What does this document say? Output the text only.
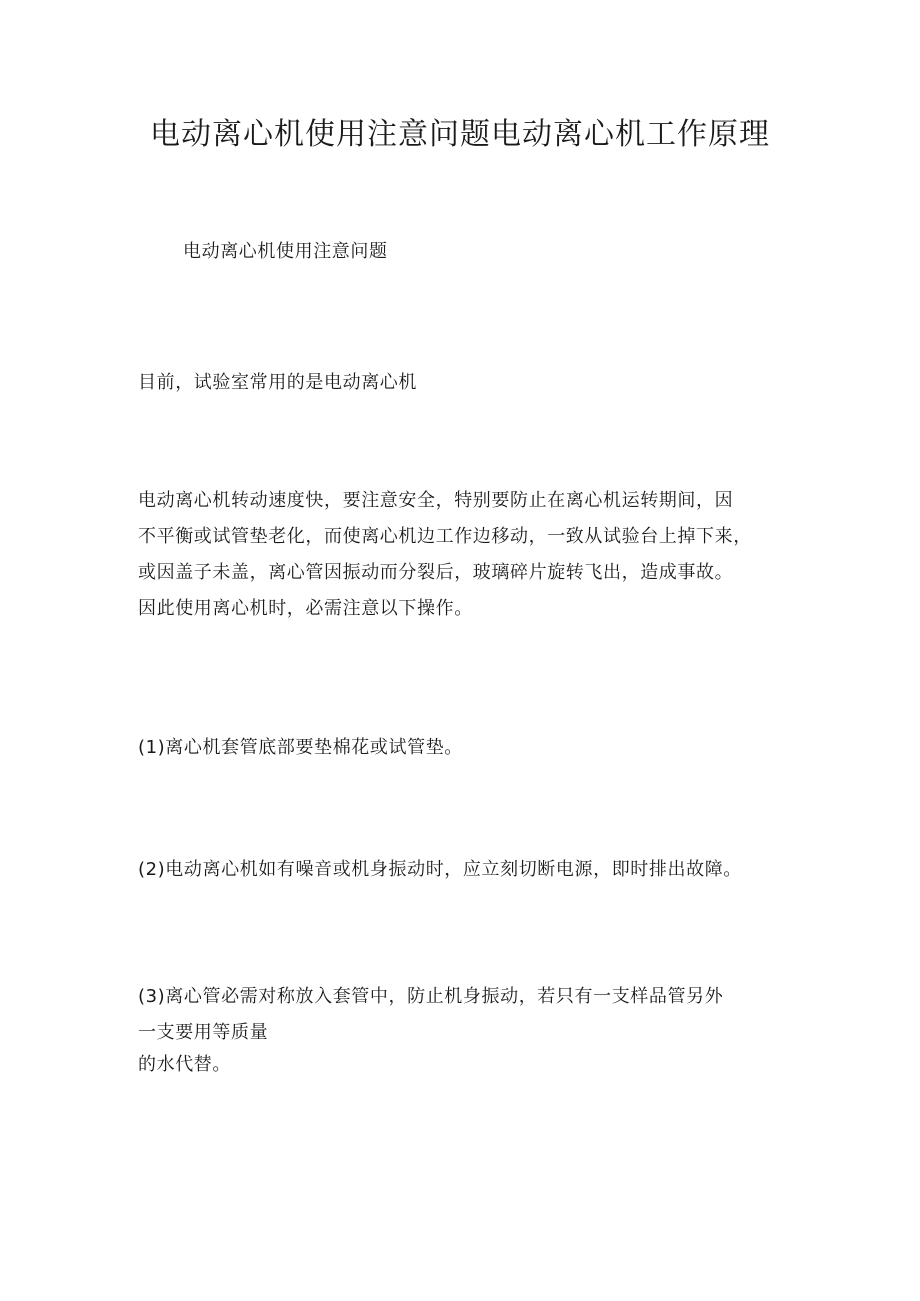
电动离心机使用注意问题电动离心机工作原理

电动离心机使用注意问题

目前，试验室常用的是电动离心机

电动离心机转动速度快，要注意安全，特别要防止在离心机运转期间，因
不平衡或试管垫老化，而使离心机边工作边移动，一致从试验台上掉下来，
或因盖子未盖，离心管因振动而分裂后，玻璃碎片旋转飞出，造成事故。
因此使用离心机时，必需注意以下操作。

(1)离心机套管底部要垫棉花或试管垫。

(2)电动离心机如有噪音或机身振动时，应立刻切断电源，即时排出故障。

(3)离心管必需对称放入套管中，防止机身振动，若只有一支样品管另外
一支要用等质量

的水代替。
